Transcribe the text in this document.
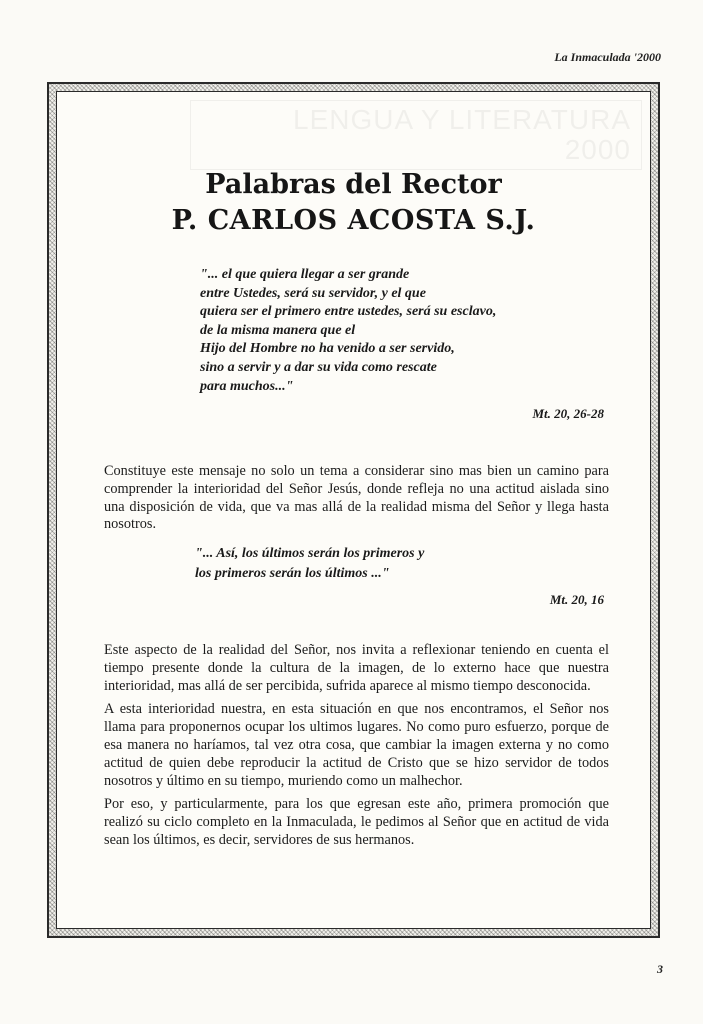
La Inmaculada '2000
LENGUA Y LITERATURA
2000
Palabras del Rector
P. CARLOS ACOSTA S.J.
"... el que quiera llegar a ser grande
entre Ustedes, será su servidor, y el que
quiera ser el primero entre ustedes, será su esclavo,
de la misma manera que el
Hijo del Hombre no ha venido a ser servido,
sino a servir y a dar su vida como rescate
para muchos..."
Mt. 20, 26-28

Constituye este mensaje no solo un tema a considerar sino mas bien un camino para comprender la interioridad del Señor Jesús, donde refleja no una actitud aislada sino una disposición de vida, que va mas allá de la realidad misma del Señor y llega hasta nosotros.

"... Así, los últimos serán los primeros y
los primeros serán los últimos ..."
Mt. 20, 16

Este aspecto de la realidad del Señor, nos invita a reflexionar teniendo en cuenta el tiempo presente donde la cultura de la imagen, de lo externo hace que nuestra interioridad, mas allá de ser percibida, sufrida aparece al mismo tiempo desconocida.

A esta interioridad nuestra, en esta situación en que nos encontramos, el Señor nos llama para proponernos ocupar los ultimos lugares. No como puro esfuerzo, porque de esa manera no haríamos, tal vez otra cosa, que cambiar la imagen externa y no como actitud de quien debe reproducir la actitud de Cristo que se hizo servidor de todos nosotros y último en su tiempo, muriendo como un malhechor.

Por eso, y particularmente, para los que egresan este año, primera promoción que realizó su ciclo completo en la Inmaculada, le pedimos al Señor que en actitud de vida sean los últimos, es decir, servidores de sus hermanos.

3
